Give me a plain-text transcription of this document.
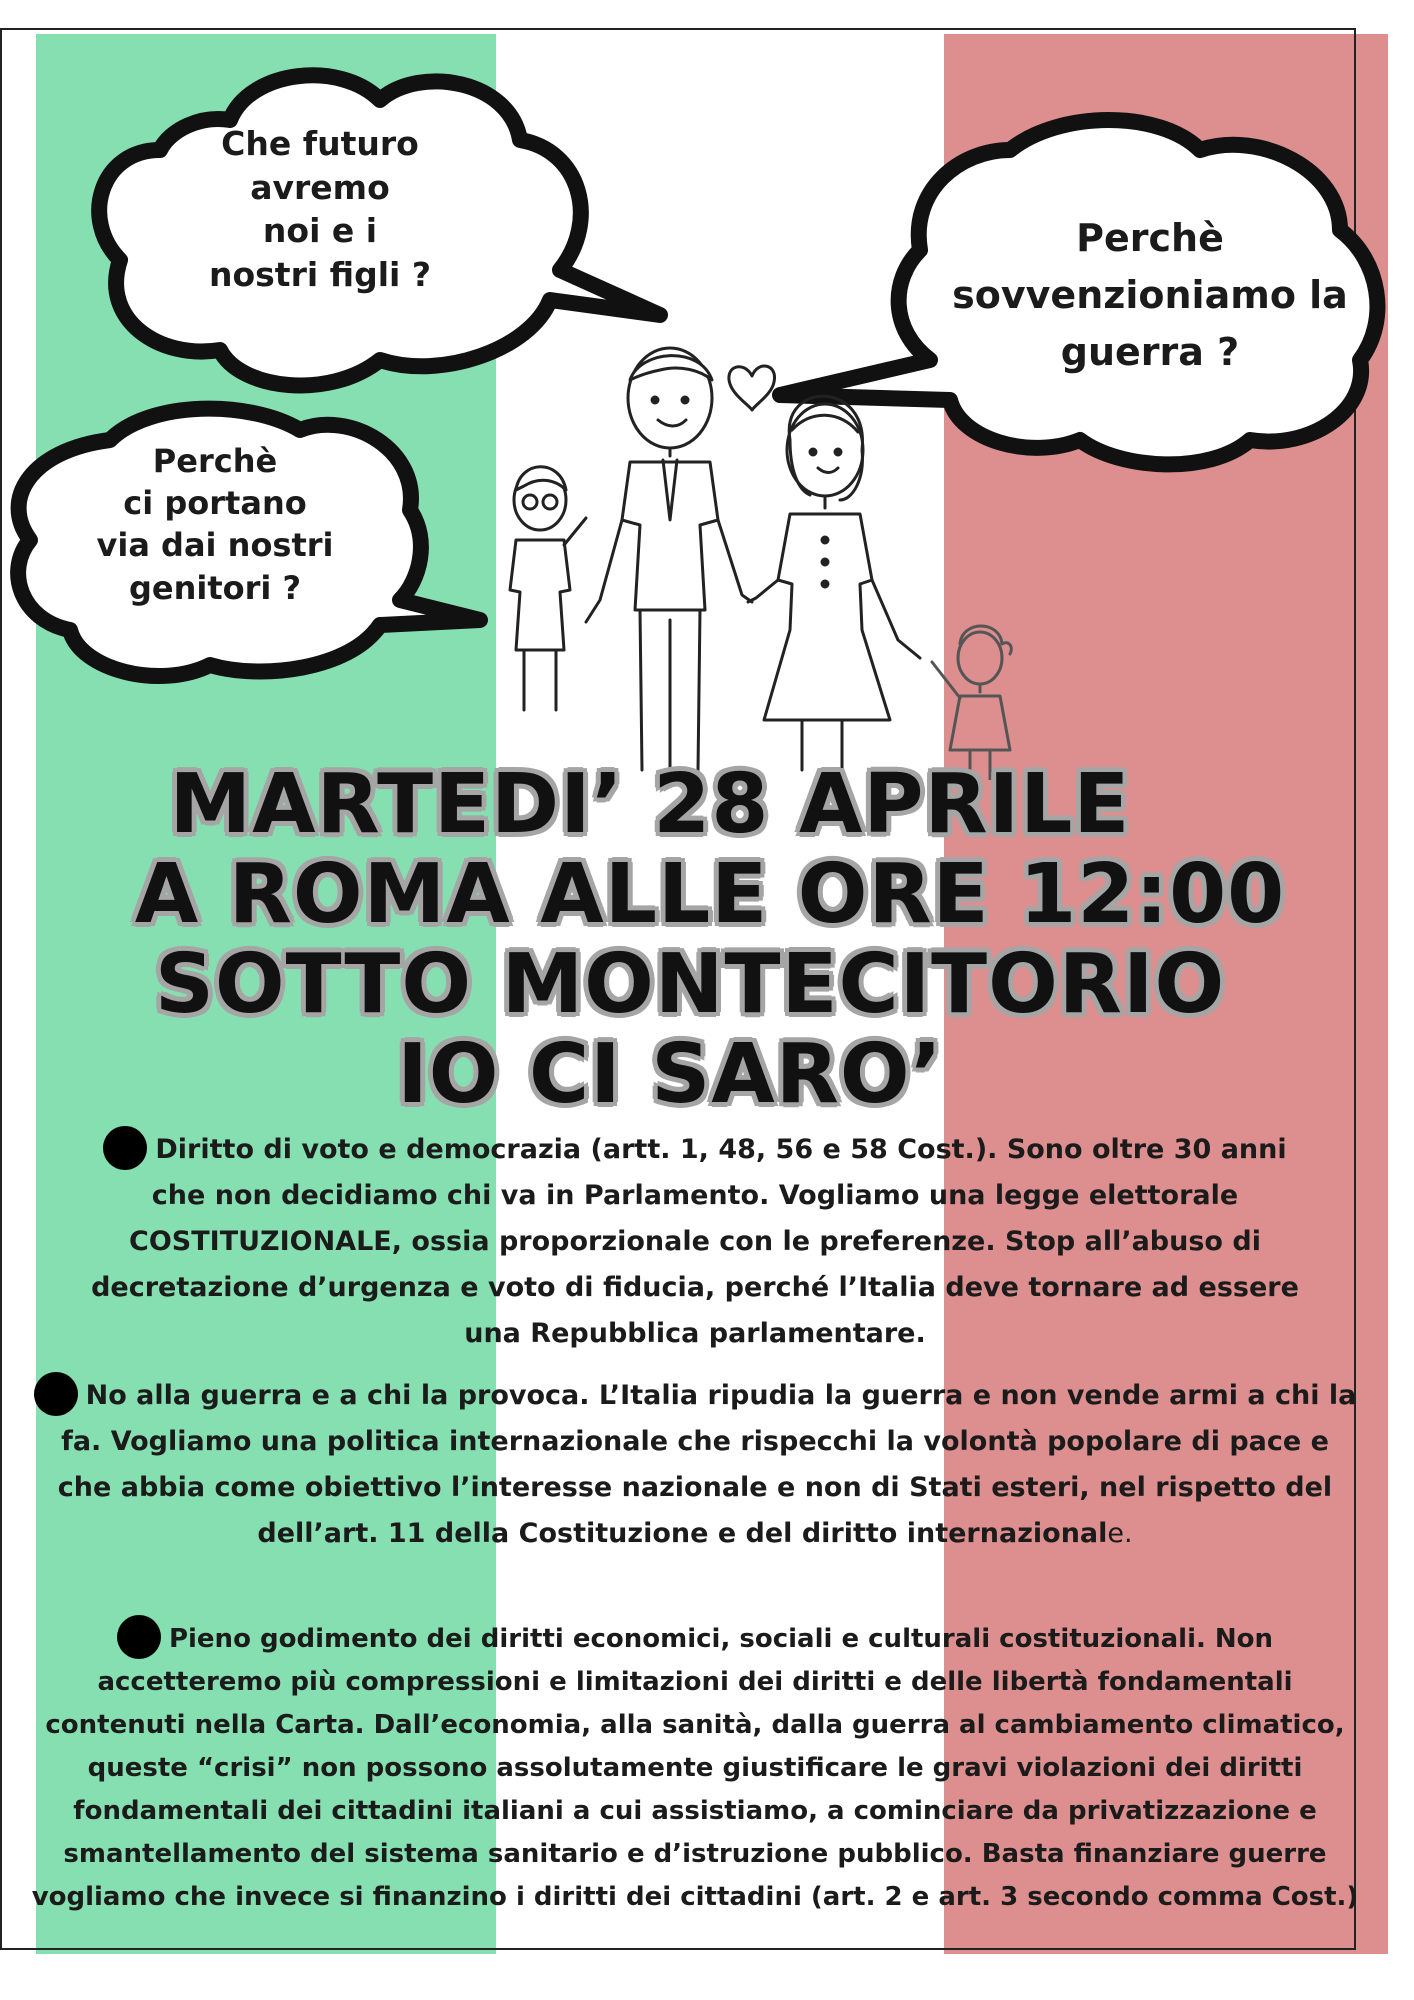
Che futuro
avremo
noi e i
nostri figli ?
Perchè
ci portano
via dai nostri
genitori ?
Perchè
sovvenzioniamo la
guerra ?
MARTEDI’ 28 APRILE
A ROMA ALLE ORE 12:00
SOTTO MONTECITORIO
IO CI SARO’
Diritto di voto e democrazia (artt. 1, 48, 56 e 58 Cost.). Sono oltre 30 anni che non decidiamo chi va in Parlamento. Vogliamo una legge elettorale COSTITUZIONALE, ossia proporzionale con le preferenze. Stop all’abuso di decretazione d’urgenza e voto di fiducia, perché l’Italia deve tornare ad essere una Repubblica parlamentare.
No alla guerra e a chi la provoca. L’Italia ripudia la guerra e non vende armi a chi la fa. Vogliamo una politica internazionale che rispecchi la volontà popolare di pace e che abbia come obiettivo l’interesse nazionale e non di Stati esteri, nel rispetto del dell’art. 11 della Costituzione e del diritto internazionale.
Pieno godimento dei diritti economici, sociali e culturali costituzionali. Non accetteremo più compressioni e limitazioni dei diritti e delle libertà fondamentali contenuti nella Carta. Dall’economia, alla sanità, dalla guerra al cambiamento climatico, queste “crisi” non possono assolutamente giustificare le gravi violazioni dei diritti fondamentali dei cittadini italiani a cui assistiamo, a cominciare da privatizzazione e smantellamento del sistema sanitario e d’istruzione pubblico. Basta finanziare guerre vogliamo che invece si finanzino i diritti dei cittadini (art. 2 e art. 3 secondo comma Cost.)
